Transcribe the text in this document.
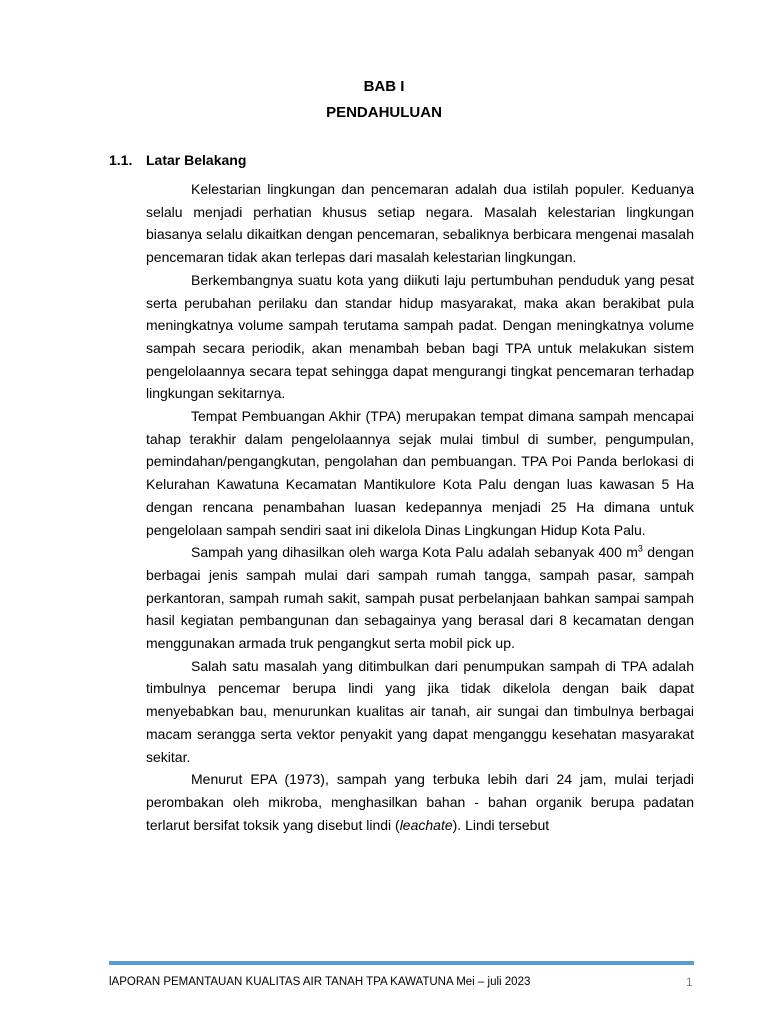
BAB I
PENDAHULUAN
1.1. Latar Belakang

Kelestarian lingkungan dan pencemaran adalah dua istilah populer. Keduanya selalu menjadi perhatian khusus setiap negara. Masalah kelestarian lingkungan biasanya selalu dikaitkan dengan pencemaran, sebaliknya berbicara mengenai masalah pencemaran tidak akan terlepas dari masalah kelestarian lingkungan.

Berkembangnya suatu kota yang diikuti laju pertumbuhan penduduk yang pesat serta perubahan perilaku dan standar hidup masyarakat, maka akan berakibat pula meningkatnya volume sampah terutama sampah padat. Dengan meningkatnya volume sampah secara periodik, akan menambah beban bagi TPA untuk melakukan sistem pengelolaannya secara tepat sehingga dapat mengurangi tingkat pencemaran terhadap lingkungan sekitarnya.

Tempat Pembuangan Akhir (TPA) merupakan tempat dimana sampah mencapai tahap terakhir dalam pengelolaannya sejak mulai timbul di sumber, pengumpulan, pemindahan/pengangkutan, pengolahan dan pembuangan. TPA Poi Panda berlokasi di Kelurahan Kawatuna Kecamatan Mantikulore Kota Palu dengan luas kawasan 5 Ha dengan rencana penambahan luasan kedepannya menjadi 25 Ha dimana untuk pengelolaan sampah sendiri saat ini dikelola Dinas Lingkungan Hidup Kota Palu.

Sampah yang dihasilkan oleh warga Kota Palu adalah sebanyak 400 $m^3$ dengan berbagai jenis sampah mulai dari sampah rumah tangga, sampah pasar, sampah perkantoran, sampah rumah sakit, sampah pusat perbelanjaan bahkan sampai sampah hasil kegiatan pembangunan dan sebagainya yang berasal dari 8 kecamatan dengan menggunakan armada truk pengangkut serta mobil pick up.

Salah satu masalah yang ditimbulkan dari penumpukan sampah di TPA adalah timbulnya pencemar berupa lindi yang jika tidak dikelola dengan baik dapat menyebabkan bau, menurunkan kualitas air tanah, air sungai dan timbulnya berbagai macam serangga serta vektor penyakit yang dapat menganggu kesehatan masyarakat sekitar.

Menurut EPA (1973), sampah yang terbuka lebih dari 24 jam, mulai terjadi perombakan oleh mikroba, menghasilkan bahan - bahan organik berupa padatan terlarut bersifat toksik yang disebut lindi (leachate). Lindi tersebut

lAPORAN PEMANTAUAN KUALITAS AIR TANAH TPA KAWATUNA Mei – juli 2023	1
